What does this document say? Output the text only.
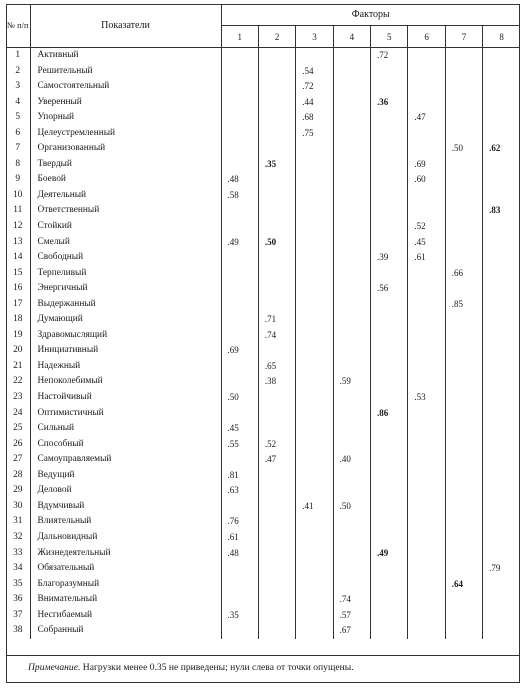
№ п/п	Показатели	Факторы							
		1	2	3	4	5	6	7	8
1	Активный					.72			
2	Решительный			.54					
3	Самостоятельный			.72					
4	Уверенный			.44		.36			
5	Упорный			.68			.47		
6	Целеустремленный			.75					
7	Организованный							.50	.62
8	Твердый		.35				.69		
9	Боевой	.48					.60		
10	Деятельный	.58							
11	Ответственный								.83
12	Стойкий						.52		
13	Смелый	.49	.50				.45		
14	Свободный					.39	.61		
15	Терпеливый							.66	
16	Энергичный					.56			
17	Выдержанный							.85	
18	Думающий		.71						
19	Здравомыслящий		.74						
20	Инициативный	.69							
21	Надежный		.65						
22	Непоколебимый		.38		.59				
23	Настойчивый	.50					.53		
24	Оптимистичный					.86			
25	Сильный	.45							
26	Способный	.55	.52						
27	Самоуправляемый		.47		.40				
28	Ведущий	.81							
29	Деловой	.63							
30	Вдумчивый			.41	.50				
31	Влиятельный	.76							
32	Дальновидный	.61							
33	Жизнедеятельный	.48				.49			
34	Обязательный								.79
35	Благоразумный							.64	
36	Внимательный				.74				
37	Несгибаемый	.35			.57				
38	Собранный				.67				
Примечание. Нагрузки менее 0.35 не приведены; нули слева от точки опущены.
